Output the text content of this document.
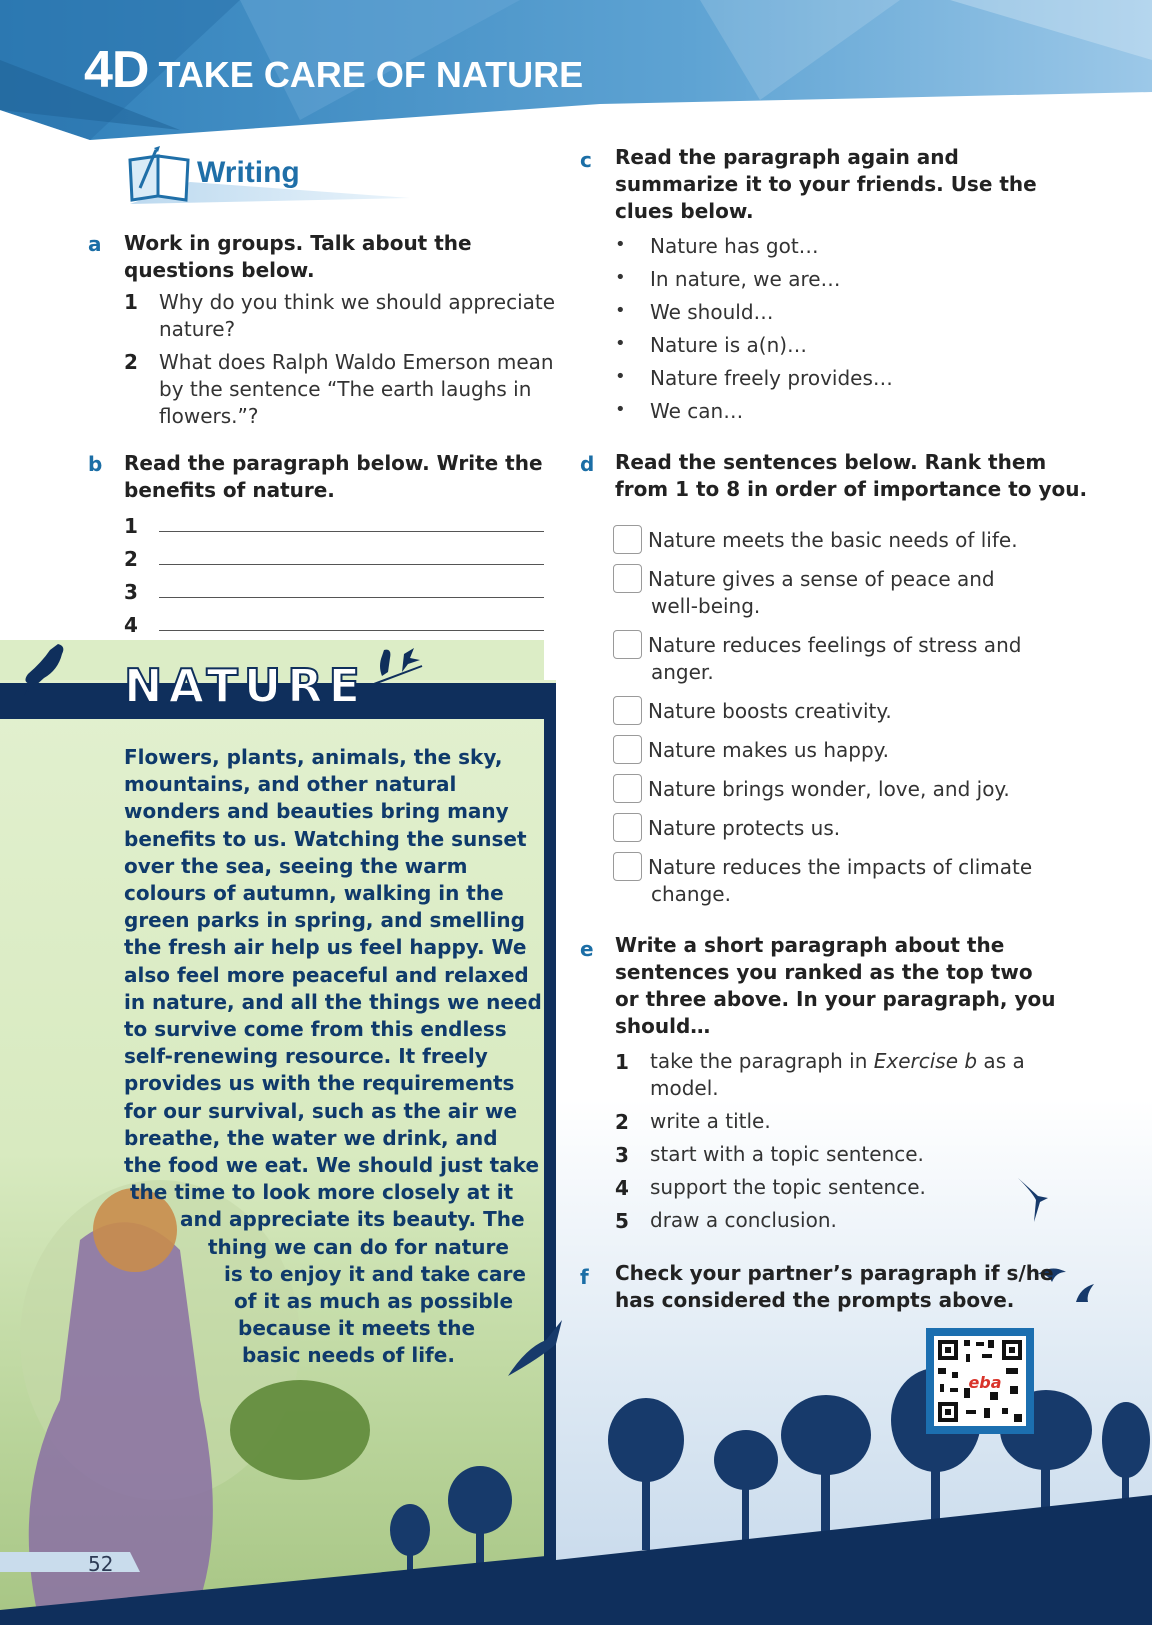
4D TAKE CARE OF NATURE
Writing
a Work in groups. Talk about the
questions below.
1 Why do you think we should appreciate
nature?
2 What does Ralph Waldo Emerson mean
by the sentence “The earth laughs in
flowers.”?
b Read the paragraph below. Write the
benefits of nature.
1
2
3
4
NATURE
Flowers, plants, animals, the sky,
mountains, and other natural
wonders and beauties bring many
benefits to us. Watching the sunset
over the sea, seeing the warm
colours of autumn, walking in the
green parks in spring, and smelling
the fresh air help us feel happy. We
also feel more peaceful and relaxed
in nature, and all the things we need
to survive come from this endless
self-renewing resource. It freely
provides us with the requirements
for our survival, such as the air we
breathe, the water we drink, and
the food we eat. We should just take
the time to look more closely at it
and appreciate its beauty. The
thing we can do for nature
is to enjoy it and take care
of it as much as possible
because it meets the
basic needs of life.
c Read the paragraph again and
summarize it to your friends. Use the
clues below.
• Nature has got…
• In nature, we are…
• We should…
• Nature is a(n)…
• Nature freely provides…
• We can…
d Read the sentences below. Rank them
from 1 to 8 in order of importance to you.
Nature meets the basic needs of life.
Nature gives a sense of peace and
well-being.
Nature reduces feelings of stress and
anger.
Nature boosts creativity.
Nature makes us happy.
Nature brings wonder, love, and joy.
Nature protects us.
Nature reduces the impacts of climate
change.
e Write a short paragraph about the
sentences you ranked as the top two
or three above. In your paragraph, you
should…
1 take the paragraph in Exercise b as a
model.
2 write a title.
3 start with a topic sentence.
4 support the topic sentence.
5 draw a conclusion.
f Check your partner’s paragraph if s/he
has considered the prompts above.
eba
52
